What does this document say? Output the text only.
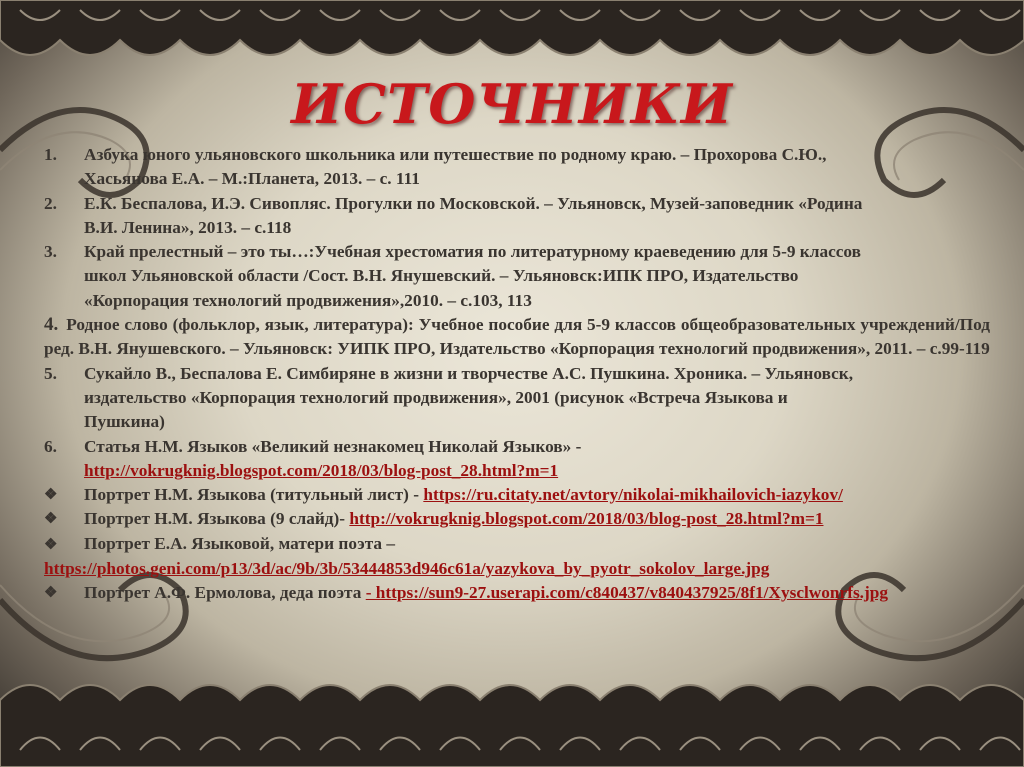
ИСТОЧНИКИ
1. Азбука юного ульяновского школьника или путешествие по родному краю. – Прохорова С.Ю.,
Хасьянова Е.А. – М.:Планета, 2013. – с. 111
2. Е.К. Беспалова, И.Э. Сивопляс. Прогулки по Московской. – Ульяновск, Музей-заповедник «Родина
В.И. Ленина», 2013. – с.118
3. Край прелестный – это ты…:Учебная хрестоматия по литературному краеведению для 5-9 классов
школ Ульяновской области /Сост. В.Н. Янушевский. – Ульяновск:ИПК ПРО, Издательство
«Корпорация технологий продвижения»,2010. – с.103, 113
4. Родное слово (фольклор, язык, литература): Учебное пособие для 5-9 классов общеобразовательных учреждений/Под ред. В.Н. Янушевского. – Ульяновск: УИПК ПРО, Издательство «Корпорация технологий продвижения», 2011. – с.99-119
5. Сукайло В., Беспалова Е. Симбиряне в жизни и творчестве А.С. Пушкина. Хроника. – Ульяновск,
издательство «Корпорация технологий продвижения», 2001 (рисунок «Встреча Языкова и
Пушкина)
6. Статья Н.М. Языков «Великий незнакомец Николай Языков» -
http://vokrugknig.blogspot.com/2018/03/blog-post_28.html?m=1
❖ Портрет Н.М. Языкова (титульный лист) - https://ru.citaty.net/avtory/nikolai-mikhailovich-iazykov/
❖ Портрет Н.М. Языкова (9 слайд)- http://vokrugknig.blogspot.com/2018/03/blog-post_28.html?m=1
❖ Портрет Е.А. Языковой, матери поэта –
https://photos.geni.com/p13/3d/ac/9b/3b/53444853d946c61a/yazykova_by_pyotr_sokolov_large.jpg
❖ Портрет А.Ф. Ермолова, деда поэта - https://sun9-27.userapi.com/c840437/v840437925/8f1/Xysclwonrfs.jpg
